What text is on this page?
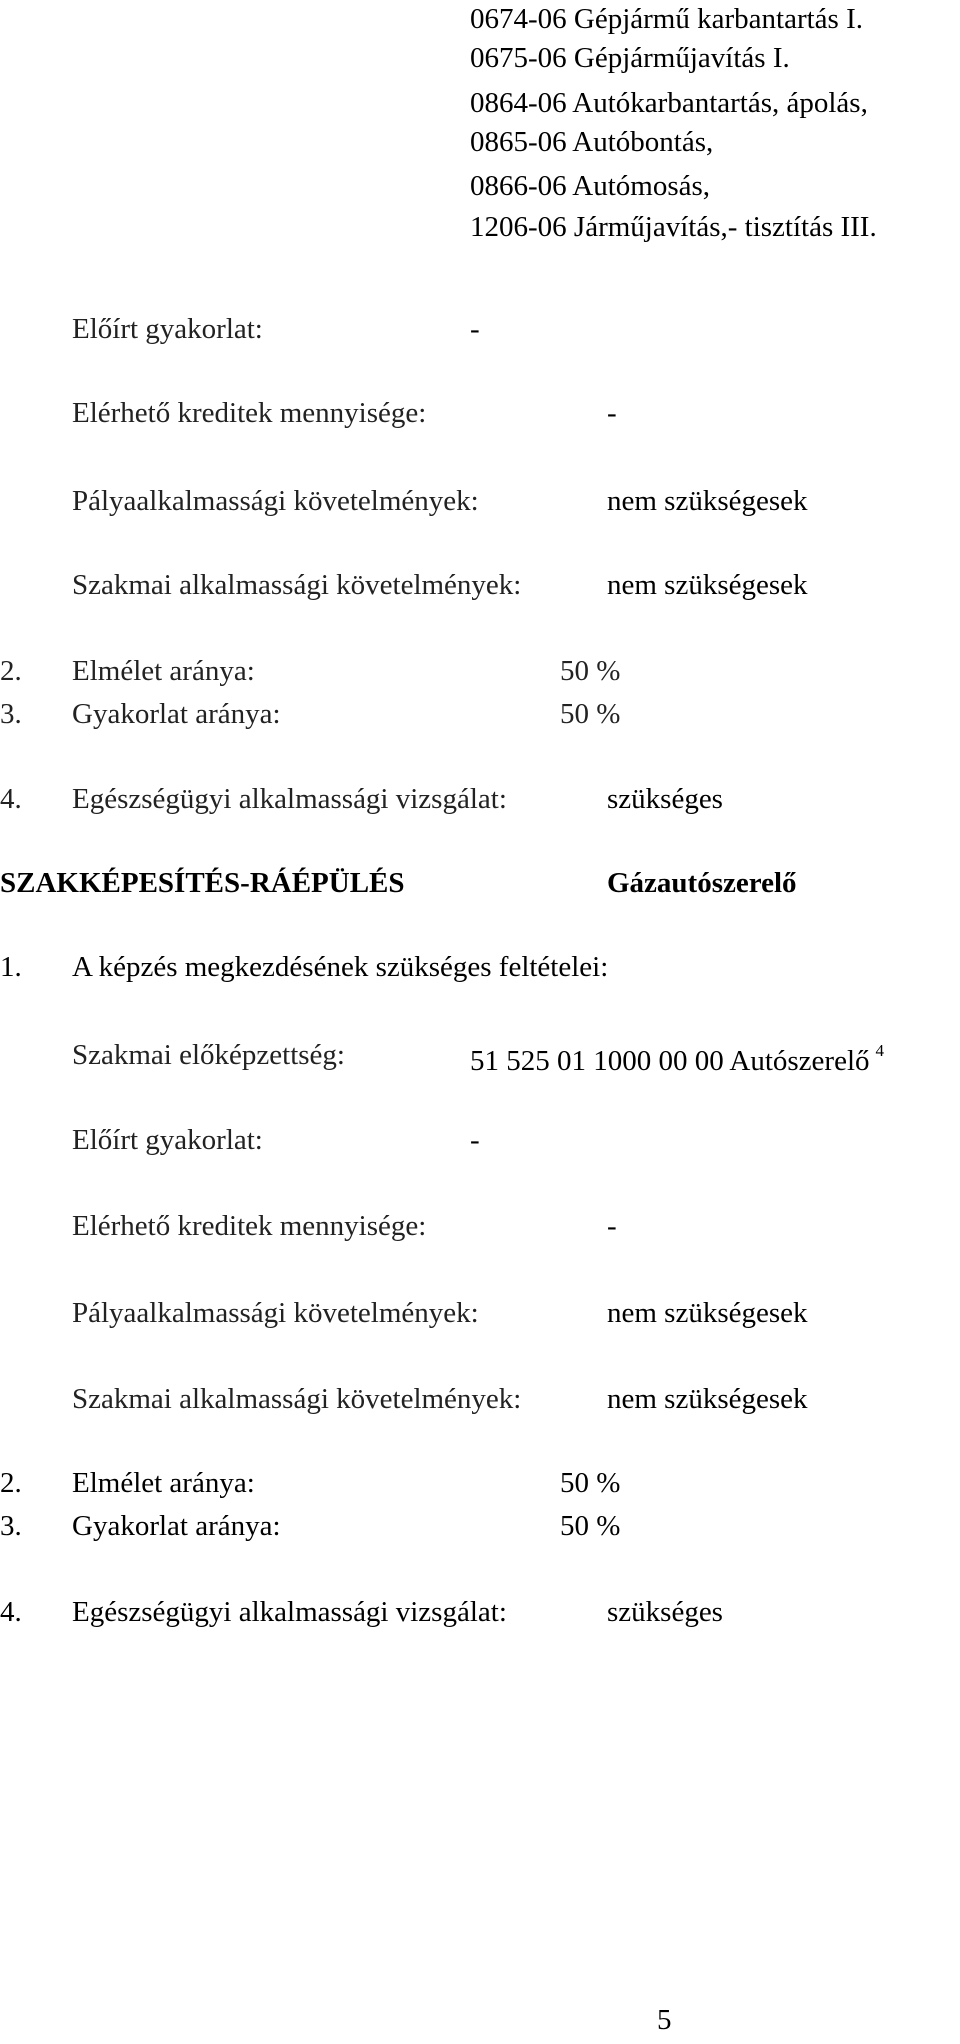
0674-06 Gépjármű karbantartás I.
0675-06 Gépjárműjavítás I.
0864-06 Autókarbantartás, ápolás,
0865-06 Autóbontás,
0866-06 Autómosás,
1206-06 Járműjavítás,- tisztítás III.
Előírt gyakorlat:	-
Elérhető kreditek mennyisége:	-
Pályaalkalmassági követelmények:	nem szükségesek
Szakmai alkalmassági követelmények:	nem szükségesek
2. Elmélet aránya:	50 %
3. Gyakorlat aránya:	50 %
4. Egészségügyi alkalmassági vizsgálat:	szükséges
SZAKKÉPESÍTÉS-RÁÉPÜLÉS	Gázautószerelő
1. A képzés megkezdésének szükséges feltételei:
Szakmai előképzettség:	51 525 01 1000 00 00 Autószerelő $^4$
Előírt gyakorlat:	-
Elérhető kreditek mennyisége:	-
Pályaalkalmassági követelmények:	nem szükségesek
Szakmai alkalmassági követelmények:	nem szükségesek
2. Elmélet aránya:	50 %
3. Gyakorlat aránya:	50 %
4. Egészségügyi alkalmassági vizsgálat:	szükséges
5
